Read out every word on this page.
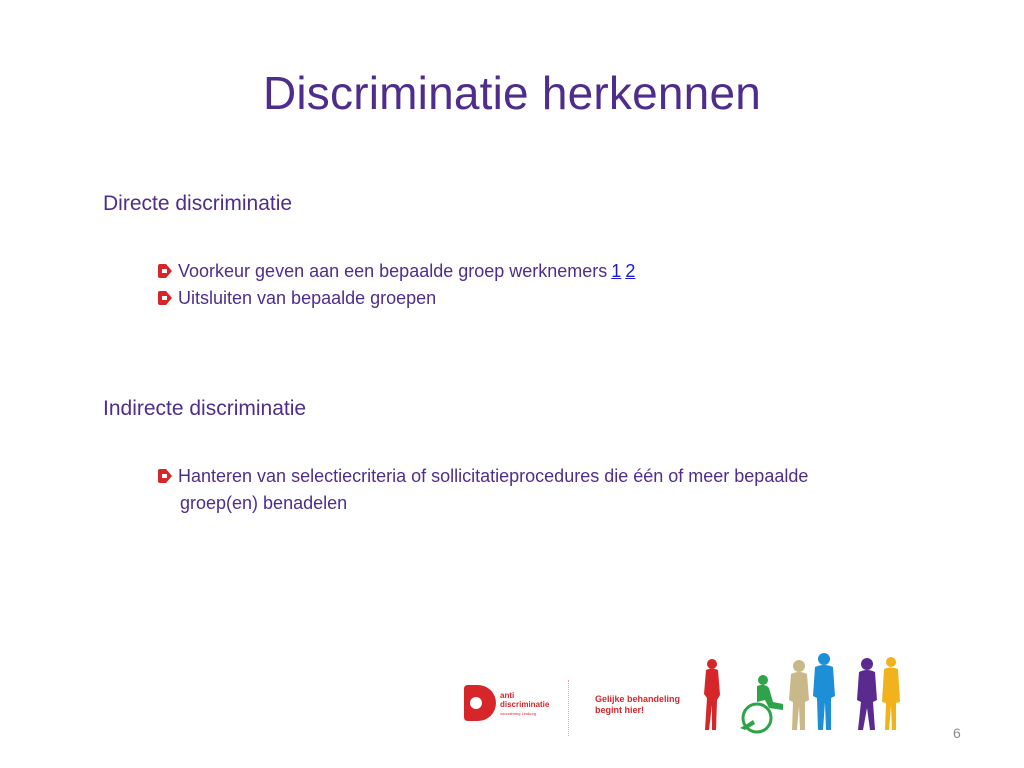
Discriminatie herkennen
Directe discriminatie
Voorkeur geven aan een bepaalde groep werknemers 1 2
Uitsluiten van bepaalde groepen
Indirecte discriminatie
Hanteren van selectiecriteria of sollicitatieprocedures die één of meer bepaalde
groep(en) benadelen
anti
discriminatie
voorziening Limburg
Gelijke behandeling
begint hier!
6
